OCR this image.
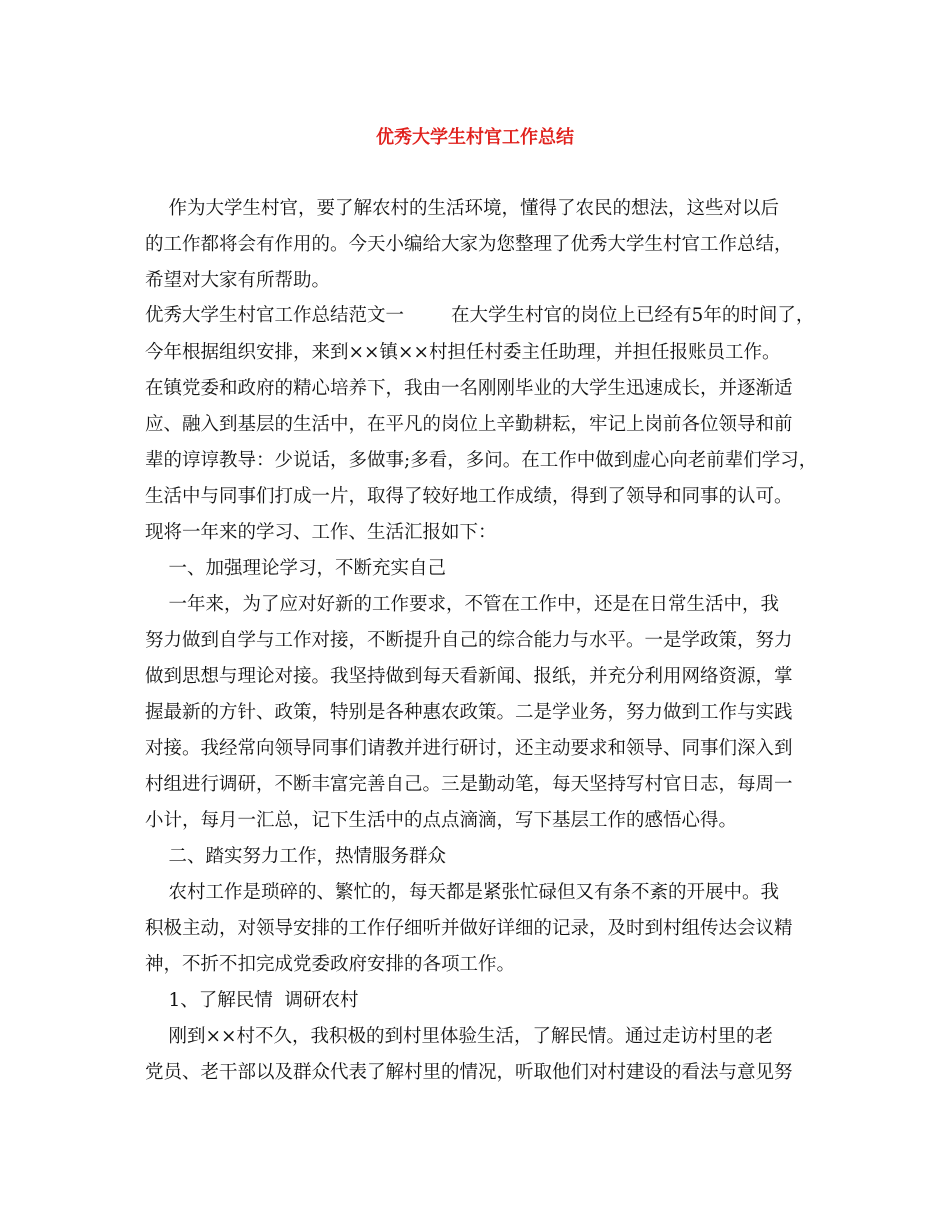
优秀大学生村官工作总结
作为大学生村官，要了解农村的生活环境，懂得了农民的想法，这些对以后
的工作都将会有作用的。今天小编给大家为您整理了优秀大学生村官工作总结，
希望对大家有所帮助。
优秀大学生村官工作总结范文一        在大学生村官的岗位上已经有5年的时间了，
今年根据组织安排，来到××镇××村担任村委主任助理，并担任报账员工作。
在镇党委和政府的精心培养下，我由一名刚刚毕业的大学生迅速成长，并逐渐适
应、融入到基层的生活中，在平凡的岗位上辛勤耕耘，牢记上岗前各位领导和前
辈的谆谆教导：少说话，多做事;多看，多问。在工作中做到虚心向老前辈们学习，
生活中与同事们打成一片，取得了较好地工作成绩，得到了领导和同事的认可。
现将一年来的学习、工作、生活汇报如下：
一、加强理论学习，不断充实自己
一年来，为了应对好新的工作要求，不管在工作中，还是在日常生活中，我
努力做到自学与工作对接，不断提升自己的综合能力与水平。一是学政策，努力
做到思想与理论对接。我坚持做到每天看新闻、报纸，并充分利用网络资源，掌
握最新的方针、政策，特别是各种惠农政策。二是学业务，努力做到工作与实践
对接。我经常向领导同事们请教并进行研讨，还主动要求和领导、同事们深入到
村组进行调研，不断丰富完善自己。三是勤动笔，每天坚持写村官日志，每周一
小计，每月一汇总，记下生活中的点点滴滴，写下基层工作的感悟心得。
二、踏实努力工作，热情服务群众
农村工作是琐碎的、繁忙的，每天都是紧张忙碌但又有条不紊的开展中。我
积极主动，对领导安排的工作仔细听并做好详细的记录，及时到村组传达会议精
神，不折不扣完成党委政府安排的各项工作。
1、了解民情  调研农村
刚到××村不久，我积极的到村里体验生活，了解民情。通过走访村里的老
党员、老干部以及群众代表了解村里的情况，听取他们对村建设的看法与意见努
